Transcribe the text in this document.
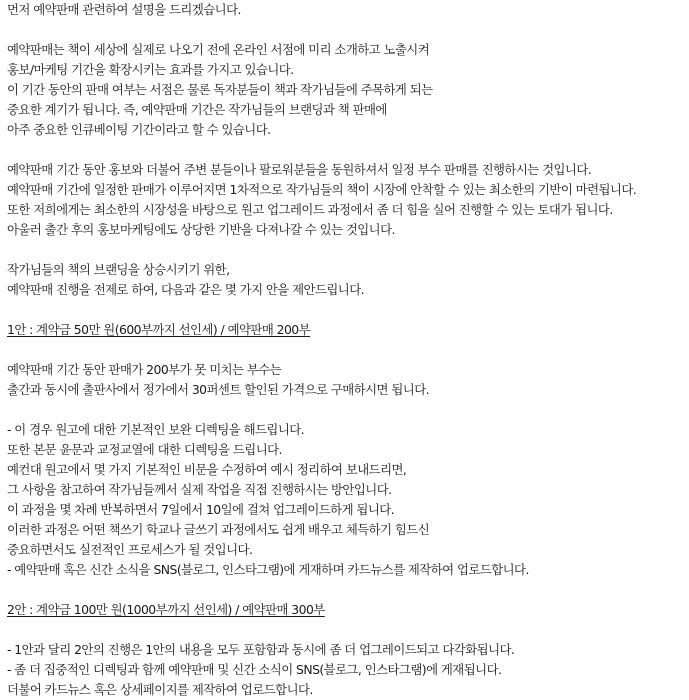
먼저 예약판매 관련하여 설명을 드리겠습니다.
예약판매는 책이 세상에 실제로 나오기 전에 온라인 서점에 미리 소개하고 노출시켜
홍보/마케팅 기간을 확장시키는 효과를 가지고 있습니다.
이 기간 동안의 판매 여부는 서점은 물론 독자분들이 책과 작가님들에 주목하게 되는
중요한 계기가 됩니다. 즉, 예약판매 기간은 작가님들의 브랜딩과 책 판매에
아주 중요한 인큐베이팅 기간이라고 할 수 있습니다.
예약판매 기간 동안 홍보와 더불어 주변 분들이나 팔로워분들을 동원하셔서 일정 부수 판매를 진행하시는 것입니다.
예약판매 기간에 일정한 판매가 이루어지면 1차적으로 작가님들의 책이 시장에 안착할 수 있는 최소한의 기반이 마련됩니다.
또한 저희에게는 최소한의 시장성을 바탕으로 원고 업그레이드 과정에서 좀 더 힘을 실어 진행할 수 있는 토대가 됩니다.
아울러 출간 후의 홍보마케팅에도 상당한 기반을 다져나갈 수 있는 것입니다.
작가님들의 책의 브랜딩을 상승시키기 위한,
예약판매 진행을 전제로 하여, 다음과 같은 몇 가지 안을 제안드립니다.
1안 : 계약금 50만 원(600부까지 선인세) / 예약판매 200부
예약판매 기간 동안 판매가 200부가 못 미치는 부수는
출간과 동시에 출판사에서 정가에서 30퍼센트 할인된 가격으로 구매하시면 됩니다.
- 이 경우 원고에 대한 기본적인 보완 디렉팅을 해드립니다.
또한 본문 윤문과 교정교열에 대한 디렉팅을 드립니다.
예컨대 원고에서 몇 가지 기본적인 비문을 수정하여 예시 정리하여 보내드리면,
그 사항을 참고하여 작가님들께서 실제 작업을 직접 진행하시는 방안입니다.
이 과정을 몇 차례 반복하면서 7일에서 10일에 걸쳐 업그레이드하게 됩니다.
이러한 과정은 어떤 책쓰기 학교나 글쓰기 과정에서도 쉽게 배우고 체득하기 힘드신
중요하면서도 실전적인 프로세스가 될 것입니다.
- 예약판매 혹은 신간 소식을 SNS(블로그, 인스타그램)에 게재하며 카드뉴스를 제작하여 업로드합니다.
2안 : 계약금 100만 원(1000부까지 선인세) / 예약판매 300부
- 1안과 달리 2안의 진행은 1안의 내용을 모두 포함함과 동시에 좀 더 업그레이드되고 다각화됩니다.
- 좀 더 집중적인 디렉팅과 함께 예약판매 및 신간 소식이 SNS(블로그, 인스타그램)에 게재됩니다.
더불어 카드뉴스 혹은 상세페이지를 제작하여 업로드합니다.
